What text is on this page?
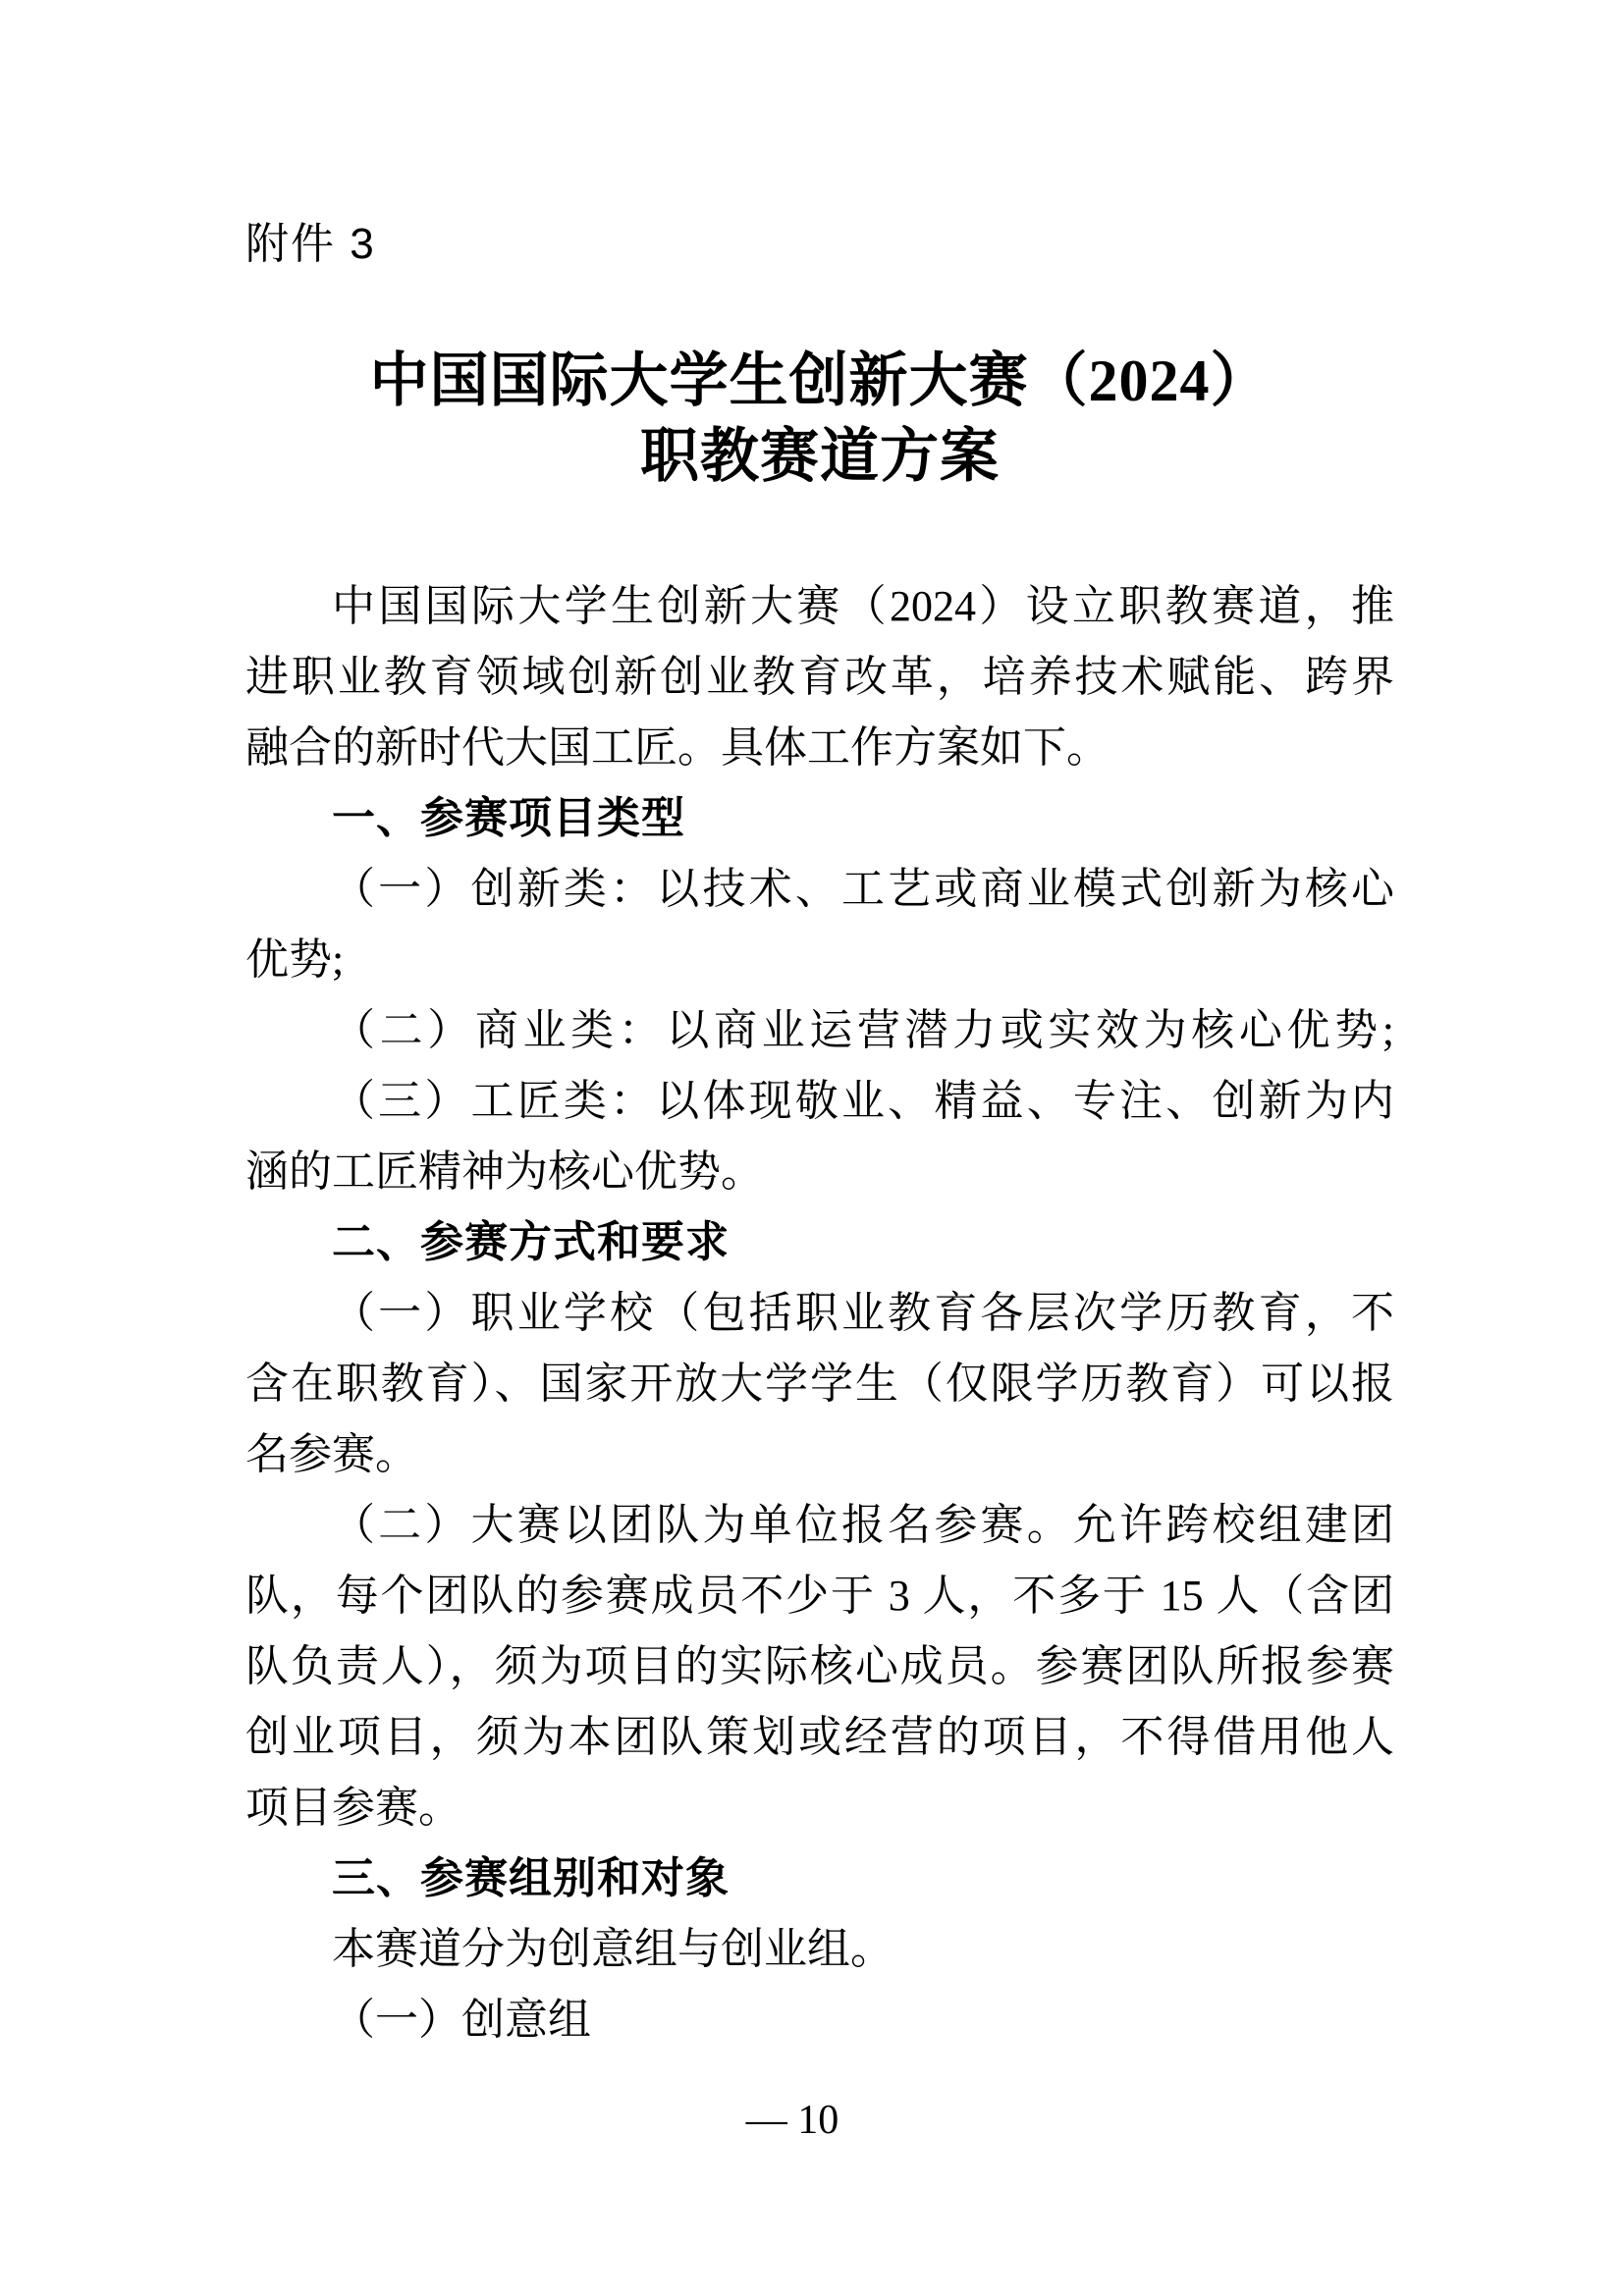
附件 3
中国国际大学生创新大赛（2024）
职教赛道方案
中国国际大学生创新大赛（2024）设立职教赛道，推
进职业教育领域创新创业教育改革，培养技术赋能、跨界
融合的新时代大国工匠。具体工作方案如下。
一、参赛项目类型
（一）创新类：以技术、工艺或商业模式创新为核心
优势;
（二）商业类：以商业运营潜力或实效为核心优势;
（三）工匠类：以体现敬业、精益、专注、创新为内
涵的工匠精神为核心优势。
二、参赛方式和要求
（一）职业学校（包括职业教育各层次学历教育，不
含在职教育）、国家开放大学学生（仅限学历教育）可以报
名参赛。
（二）大赛以团队为单位报名参赛。允许跨校组建团
队，每个团队的参赛成员不少于 3 人，不多于 15 人（含团
队负责人），须为项目的实际核心成员。参赛团队所报参赛
创业项目，须为本团队策划或经营的项目，不得借用他人
项目参赛。
三、参赛组别和对象
本赛道分为创意组与创业组。
（一）创意组
— 10
